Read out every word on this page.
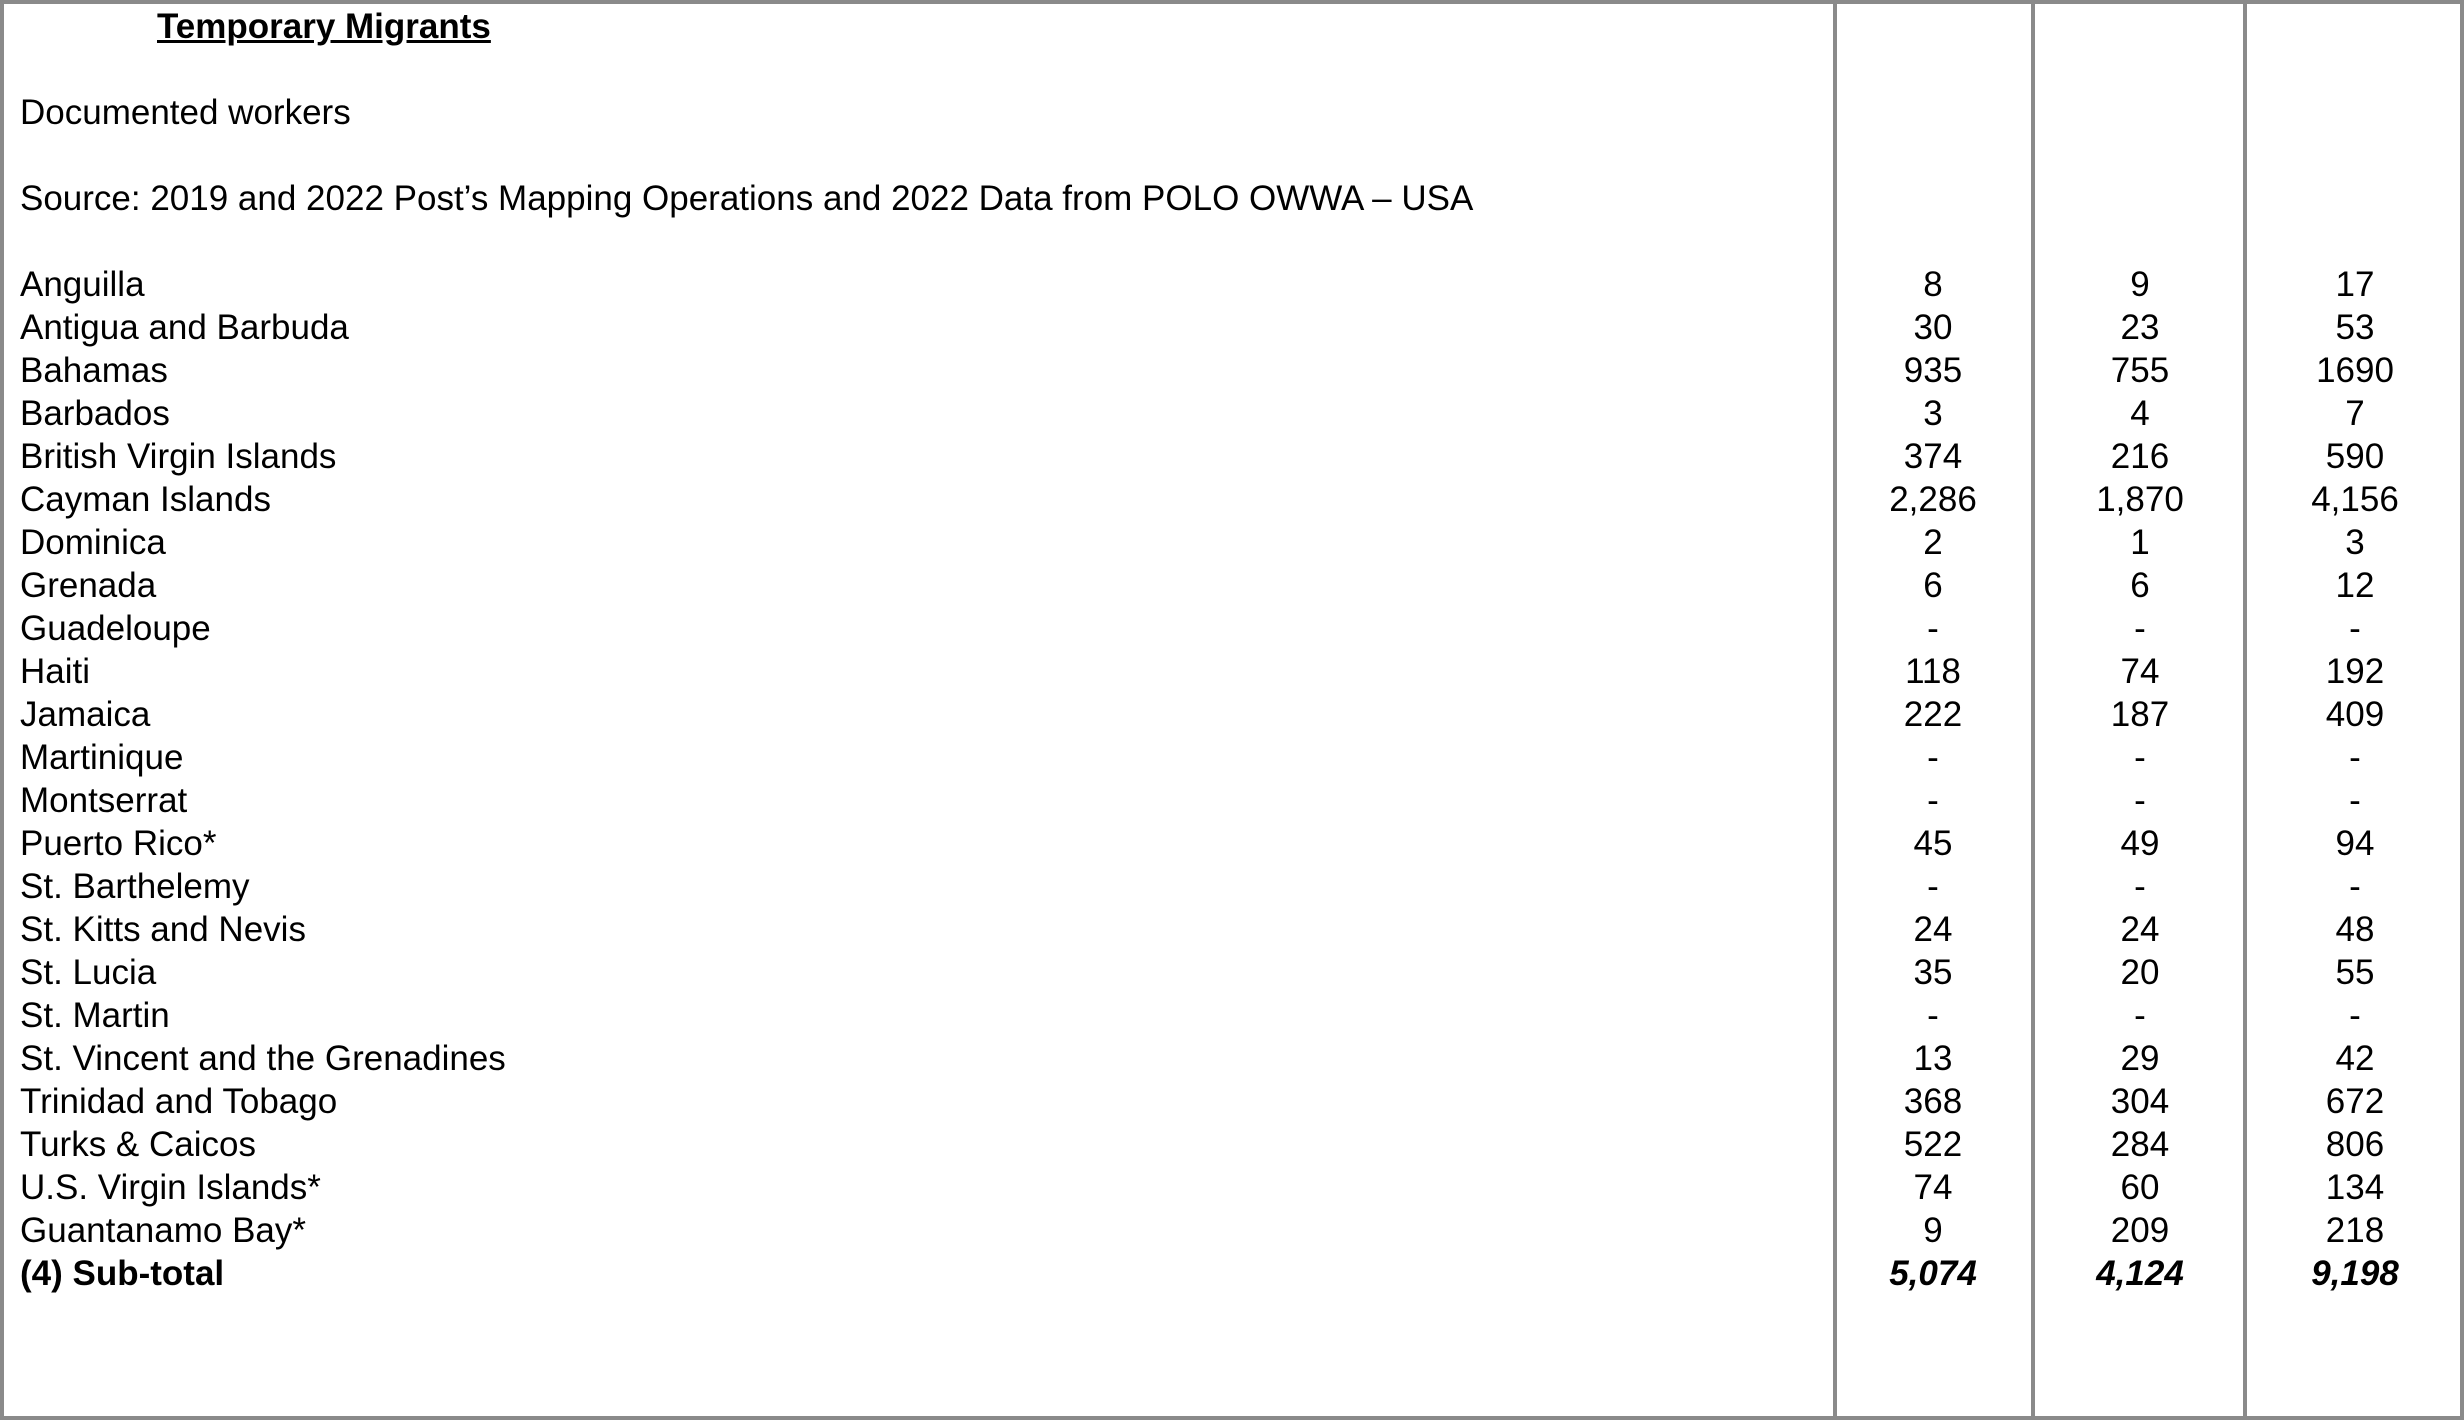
Temporary Migrants
Documented workers
Source: 2019 and 2022 Post’s Mapping Operations and 2022 Data from POLO OWWA – USA
Anguilla	8	9	17
Antigua and Barbuda	30	23	53
Bahamas	935	755	1690
Barbados	3	4	7
British Virgin Islands	374	216	590
Cayman Islands	2,286	1,870	4,156
Dominica	2	1	3
Grenada	6	6	12
Guadeloupe	-	-	-
Haiti	118	74	192
Jamaica	222	187	409
Martinique	-	-	-
Montserrat	-	-	-
Puerto Rico*	45	49	94
St. Barthelemy	-	-	-
St. Kitts and Nevis	24	24	48
St. Lucia	35	20	55
St. Martin	-	-	-
St. Vincent and the Grenadines	13	29	42
Trinidad and Tobago	368	304	672
Turks & Caicos	522	284	806
U.S. Virgin Islands*	74	60	134
Guantanamo Bay*	9	209	218
(4) Sub-total	5,074	4,124	9,198
